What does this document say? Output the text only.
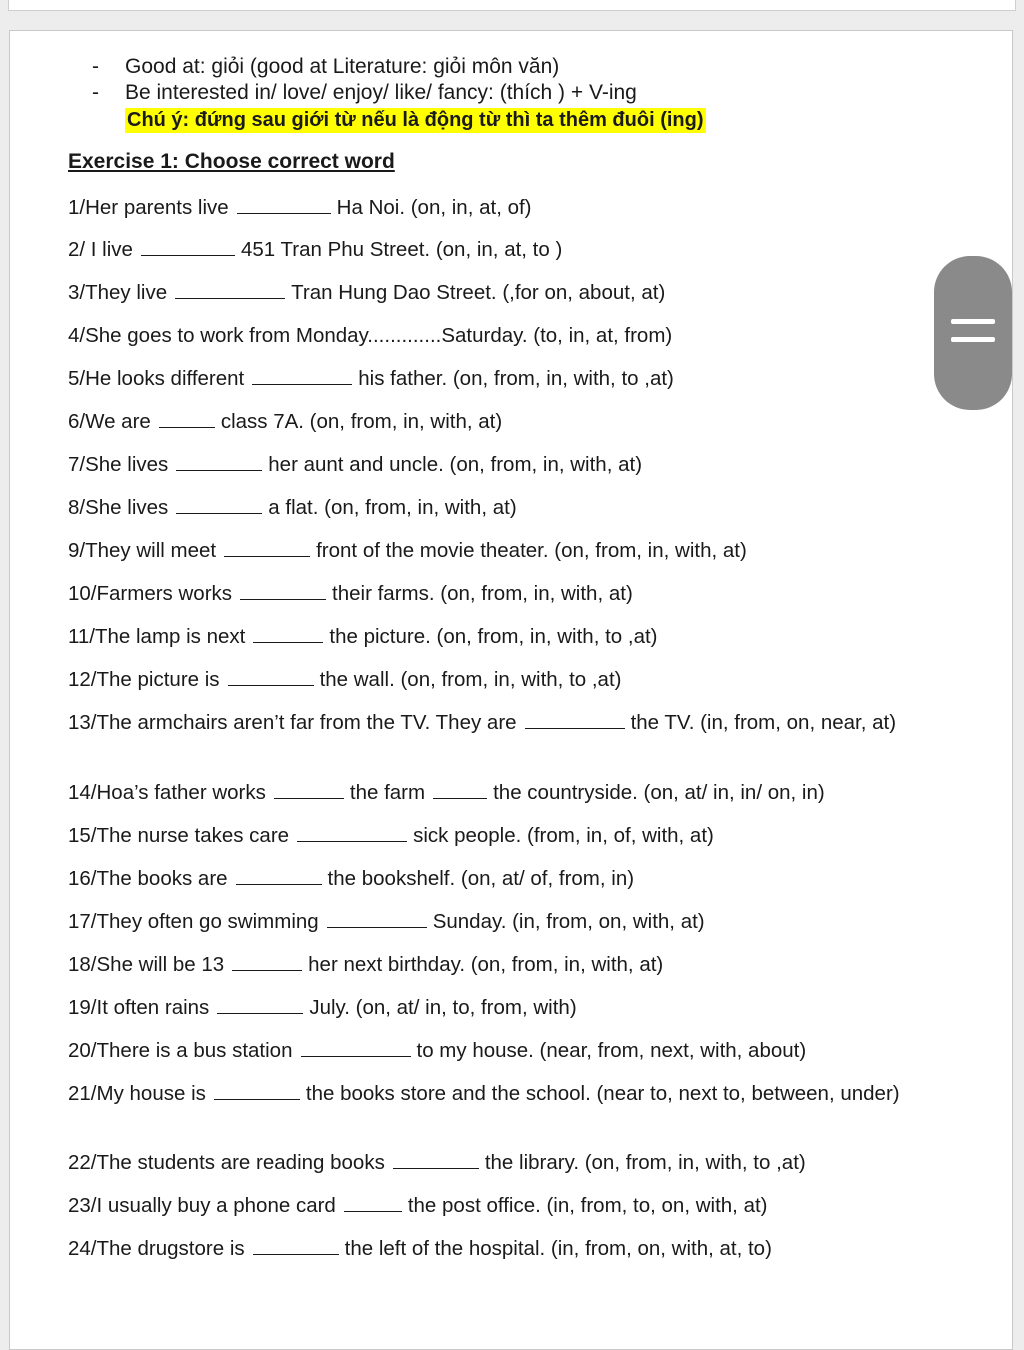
- Good at: giỏi (good at Literature: giỏi môn văn)
- Be interested in/ love/ enjoy/ like/ fancy: (thích ) + V-ing
Chú ý: đứng sau giới từ nếu là động từ thì ta thêm đuôi (ing)
Exercise 1: Choose correct word
1/Her parents live	Ha Noi. (on, in, at, of)
2/ I live	451 Tran Phu Street. (on, in, at, to )
3/They live	Tran Hung Dao Street. (,for on, about, at)
4/She goes to work from Monday.............Saturday. (to, in, at, from)
5/He looks different	his father. (on, from, in, with, to ,at)
6/We are	class 7A. (on, from, in, with, at)
7/She lives	her aunt and uncle. (on, from, in, with, at)
8/She lives	a flat. (on, from, in, with, at)
9/They will meet	front of the movie theater. (on, from, in, with, at)
10/Farmers works	their farms. (on, from, in, with, at)
11/The lamp is next	the picture. (on, from, in, with, to ,at)
12/The picture is	the wall. (on, from, in, with, to ,at)
13/The armchairs aren’t far from the TV. They are	the TV. (in, from, on, near, at)
14/Hoa’s father works	the farm	the countryside. (on, at/ in, in/ on, in)
15/The nurse takes care	sick people. (from, in, of, with, at)
16/The books are	the bookshelf. (on, at/ of, from, in)
17/They often go swimming	Sunday. (in, from, on, with, at)
18/She will be 13	her next birthday. (on, from, in, with, at)
19/It often rains	July. (on, at/ in, to, from, with)
20/There is a bus station	to my house. (near, from, next, with, about)
21/My house is	the books store and the school. (near to, next to, between, under)
22/The students are reading books	the library. (on, from, in, with, to ,at)
23/I usually buy a phone card	the post office. (in, from, to, on, with, at)
24/The drugstore is	the left of the hospital. (in, from, on, with, at, to)
